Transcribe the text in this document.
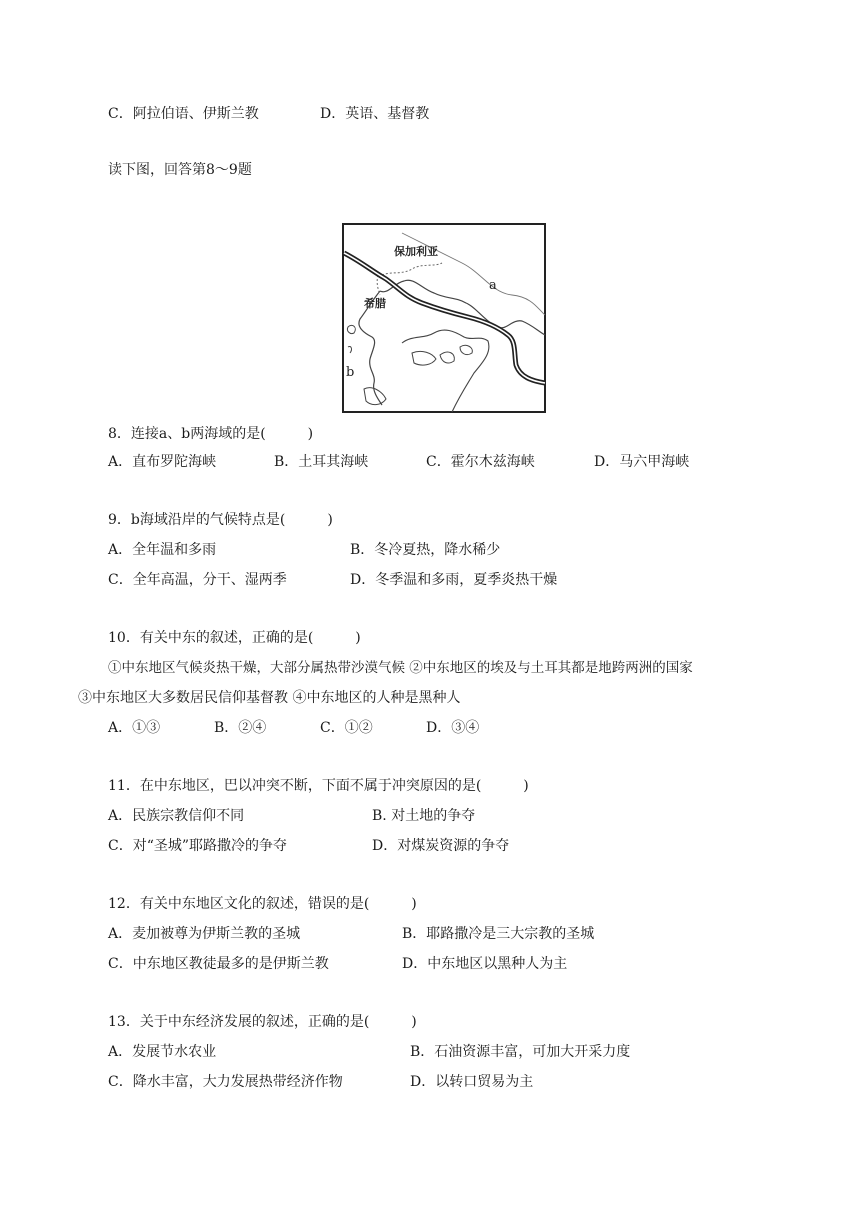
C．阿拉伯语、伊斯兰教	D．英语、基督教
读下图，回答第8～9题
保加利亚
希腊
a
b
8．连接a、b两海域的是(　　　)
A．直布罗陀海峡	B．土耳其海峡	C．霍尔木兹海峡	D．马六甲海峡
9．b海域沿岸的气候特点是(　　　)
A．全年温和多雨	B．冬冷夏热，降水稀少
C．全年高温，分干、湿两季	D．冬季温和多雨，夏季炎热干燥
10．有关中东的叙述，正确的是(　　　)
①中东地区气候炎热干燥，大部分属热带沙漠气候 ②中东地区的埃及与土耳其都是地跨两洲的国家
③中东地区大多数居民信仰基督教 ④中东地区的人种是黑种人
A．①③	B．②④	C．①②	D．③④
11．在中东地区，巴以冲突不断，下面不属于冲突原因的是(　　　)
A．民族宗教信仰不同	B. 对土地的争夺
C．对“圣城”耶路撒冷的争夺	D．对煤炭资源的争夺
12．有关中东地区文化的叙述，错误的是(　　　)
A．麦加被尊为伊斯兰教的圣城	B．耶路撒冷是三大宗教的圣城
C．中东地区教徒最多的是伊斯兰教	D．中东地区以黑种人为主
13．关于中东经济发展的叙述，正确的是(　　　)
A．发展节水农业	B．石油资源丰富，可加大开采力度
C．降水丰富，大力发展热带经济作物	D．以转口贸易为主
